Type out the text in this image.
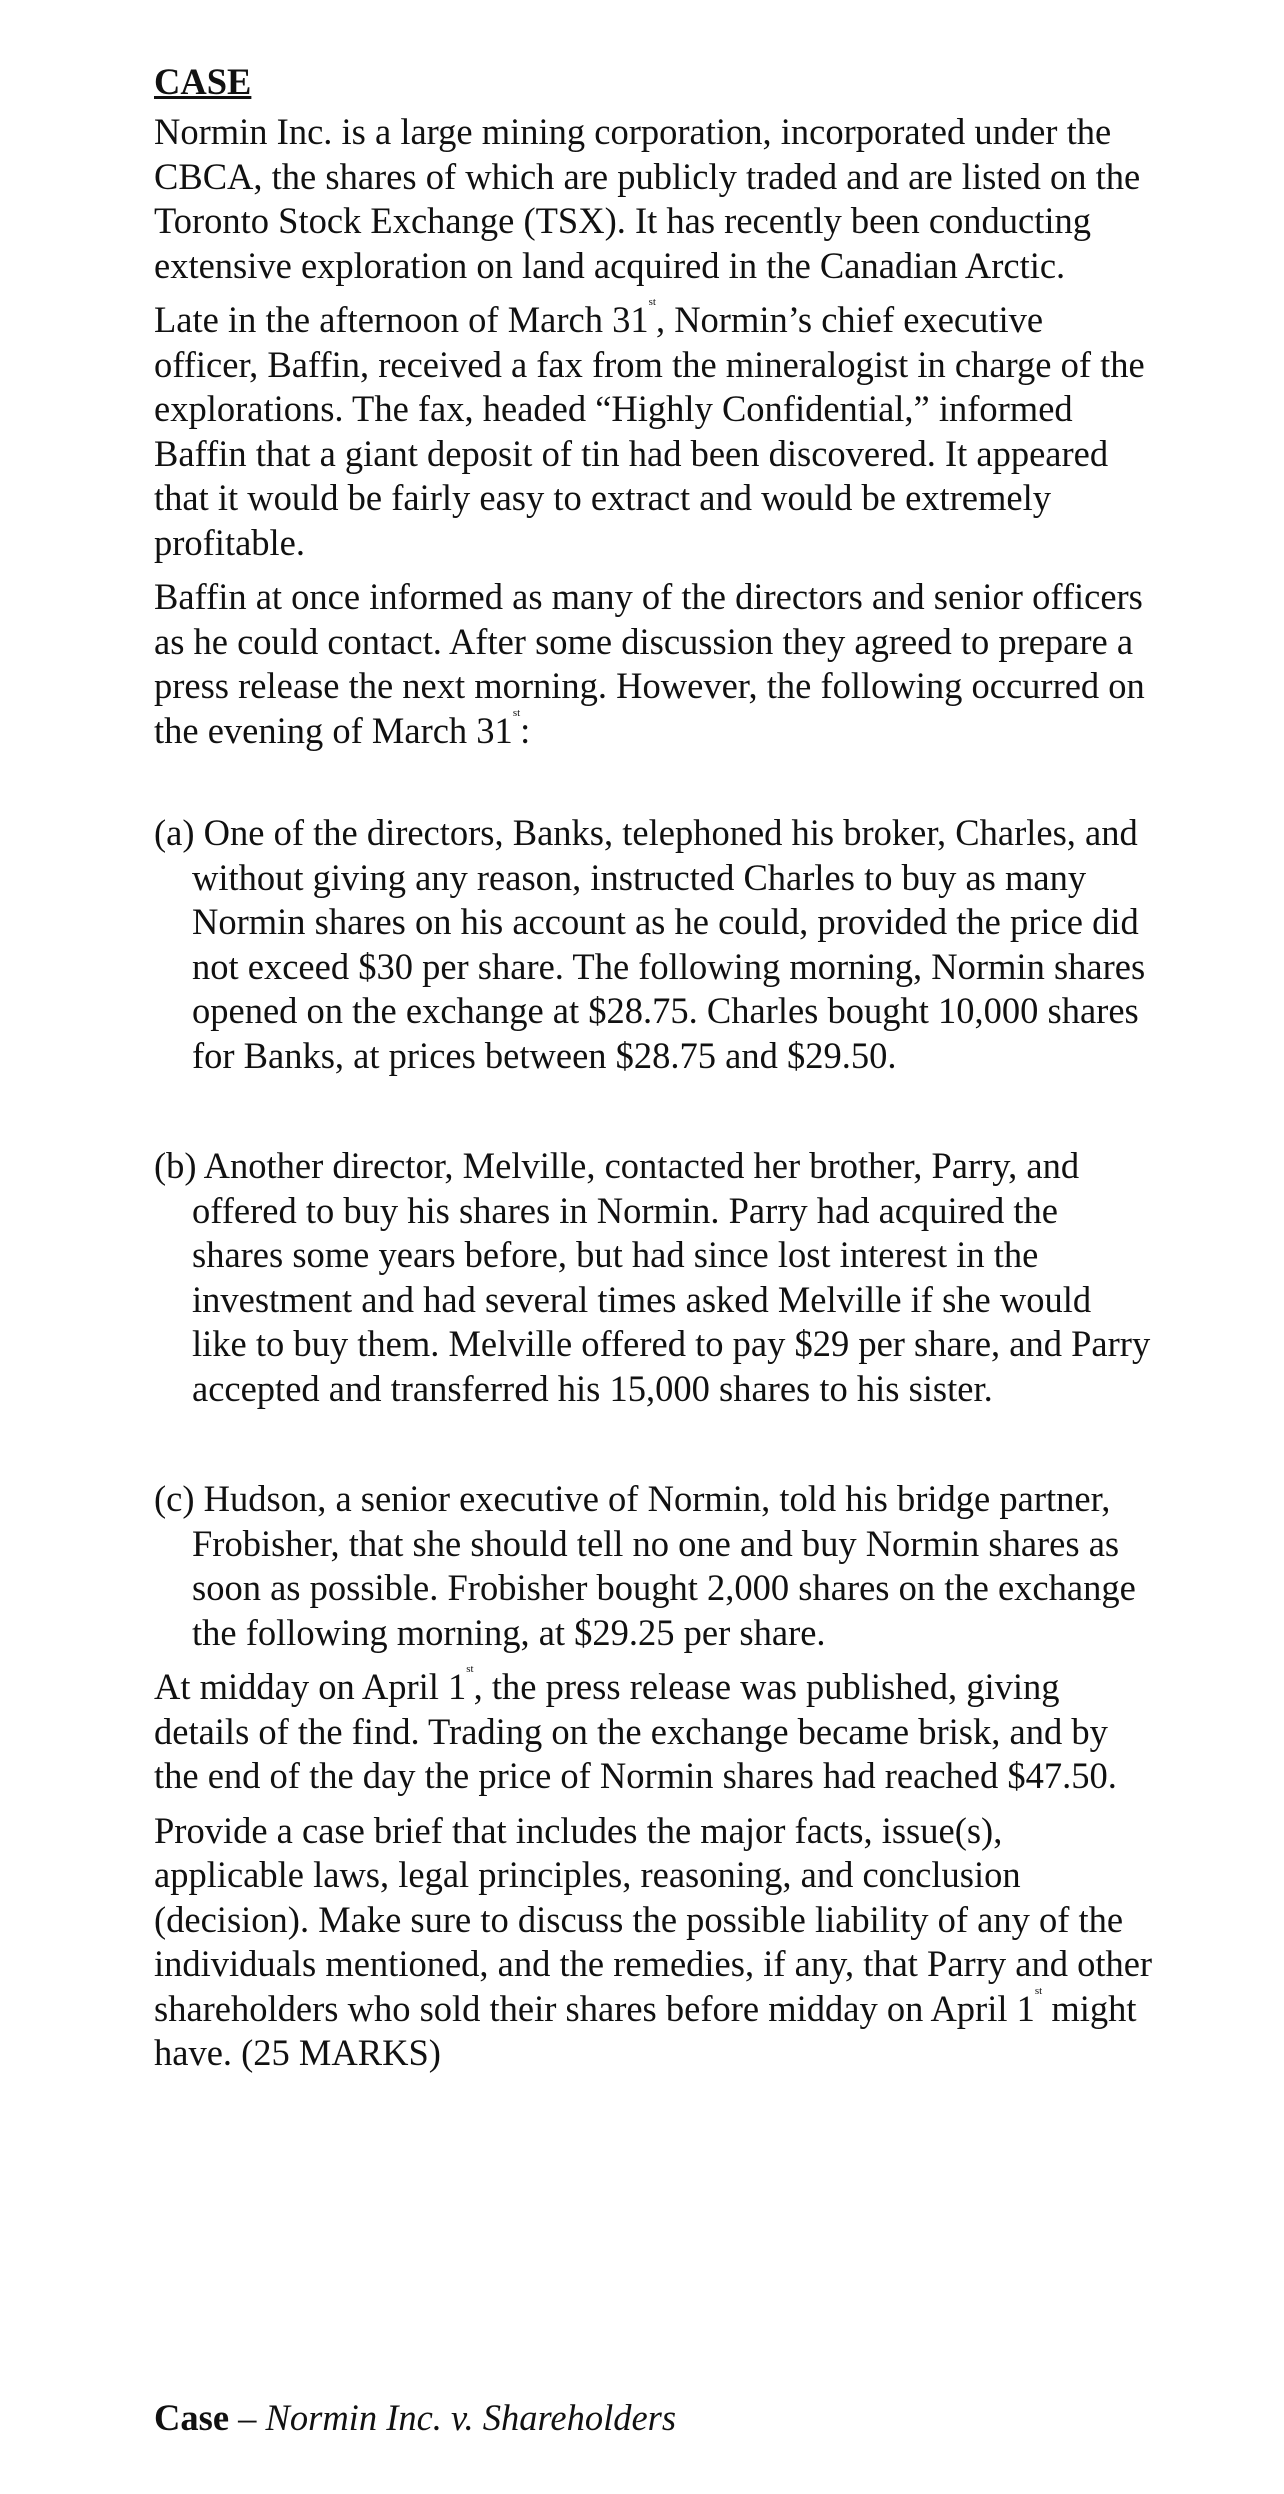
CASE

Normin Inc. is a large mining corporation, incorporated under the CBCA, the shares of which are publicly traded and are listed on the Toronto Stock Exchange (TSX). It has recently been conducting extensive exploration on land acquired in the Canadian Arctic.

Late in the afternoon of March 31st, Normin’s chief executive officer, Baffin, received a fax from the mineralogist in charge of the explorations. The fax, headed “Highly Confidential,” informed Baffin that a giant deposit of tin had been discovered. It appeared that it would be fairly easy to extract and would be extremely profitable.

Baffin at once informed as many of the directors and senior officers as he could contact. After some discussion they agreed to prepare a press release the next morning. However, the following occurred on the evening of March 31st:

(a) One of the directors, Banks, telephoned his broker, Charles, and without giving any reason, instructed Charles to buy as many Normin shares on his account as he could, provided the price did not exceed $30 per share. The following morning, Normin shares opened on the exchange at $28.75. Charles bought 10,000 shares for Banks, at prices between $28.75 and $29.50.

(b) Another director, Melville, contacted her brother, Parry, and offered to buy his shares in Normin. Parry had acquired the shares some years before, but had since lost interest in the investment and had several times asked Melville if she would like to buy them. Melville offered to pay $29 per share, and Parry accepted and transferred his 15,000 shares to his sister.

(c) Hudson, a senior executive of Normin, told his bridge partner, Frobisher, that she should tell no one and buy Normin shares as soon as possible. Frobisher bought 2,000 shares on the exchange the following morning, at $29.25 per share.

At midday on April 1st, the press release was published, giving details of the find. Trading on the exchange became brisk, and by the end of the day the price of Normin shares had reached $47.50.

Provide a case brief that includes the major facts, issue(s), applicable laws, legal principles, reasoning, and conclusion (decision). Make sure to discuss the possible liability of any of the individuals mentioned, and the remedies, if any, that Parry and other shareholders who sold their shares before midday on April 1st might have. (25 MARKS)

Case – Normin Inc. v. Shareholders
